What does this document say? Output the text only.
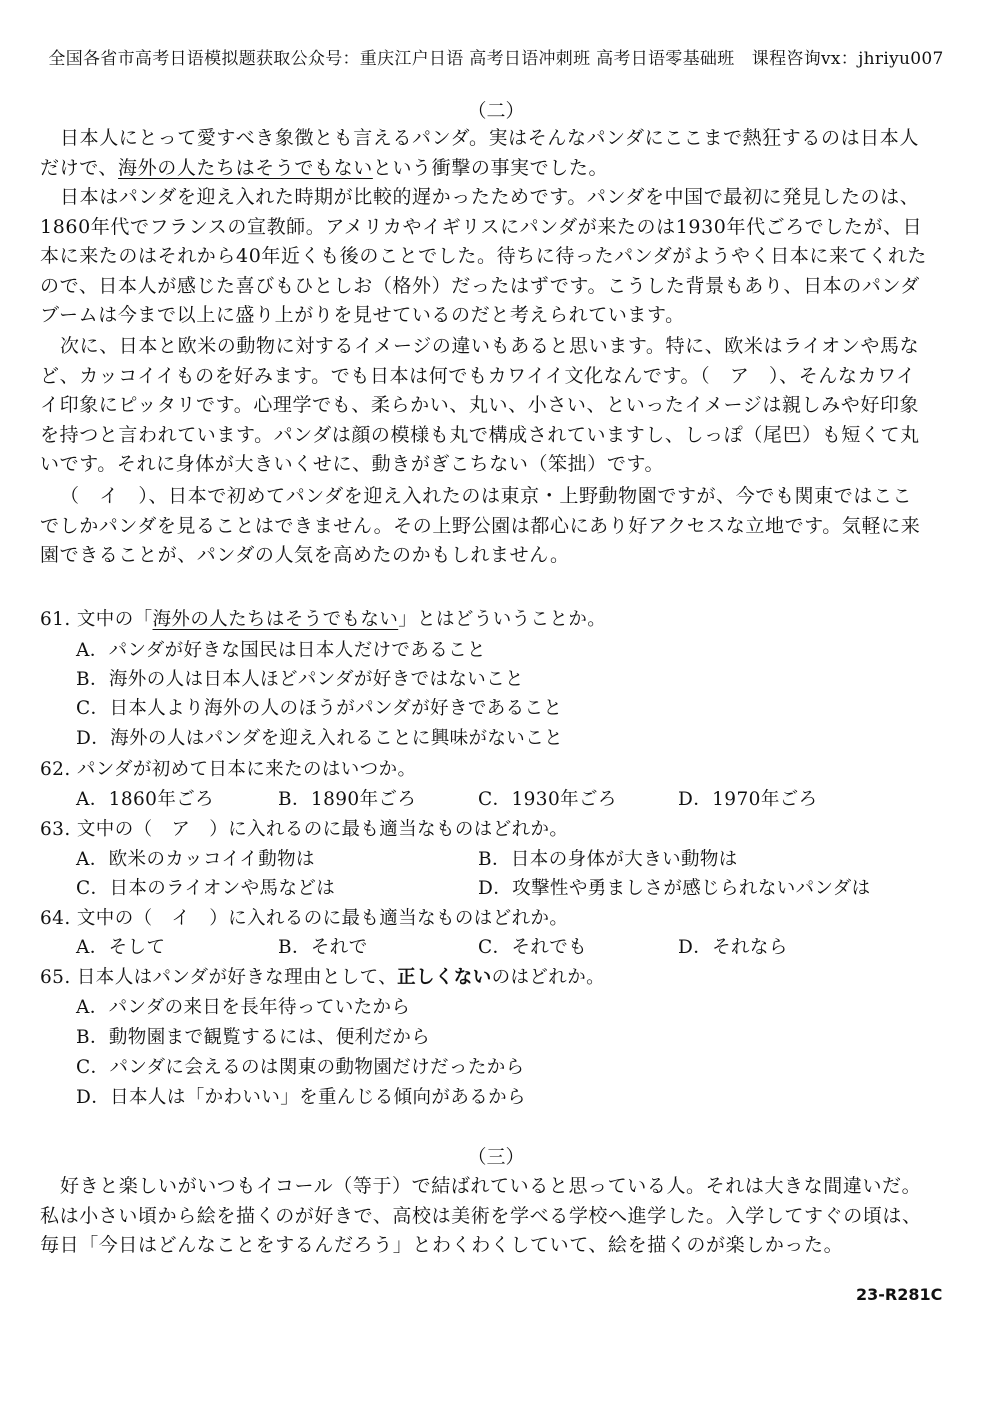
全国各省市高考日语模拟题获取公众号：重庆江户日语 高考日语冲刺班 高考日语零基础班　课程咨询vx：jhriyu007
（二）
日本人にとって愛すべき象徴とも言えるパンダ。実はそんなパンダにここまで熱狂するのは日本人だけで、海外の人たちはそうでもないという衝撃の事実でした。
日本はパンダを迎え入れた時期が比較的遅かったためです。パンダを中国で最初に発見したのは、1860年代でフランスの宣教師。アメリカやイギリスにパンダが来たのは1930年代ごろでしたが、日本に来たのはそれから40年近くも後のことでした。待ちに待ったパンダがようやく日本に来てくれたので、日本人が感じた喜びもひとしお（格外）だったはずです。こうした背景もあり、日本のパンダブームは今まで以上に盛り上がりを見せているのだと考えられています。
次に、日本と欧米の動物に対するイメージの違いもあると思います。特に、欧米はライオンや馬など、カッコイイものを好みます。でも日本は何でもカワイイ文化なんです。（　ア　）、そんなカワイイ印象にピッタリです。心理学でも、柔らかい、丸い、小さい、といったイメージは親しみや好印象を持つと言われています。パンダは顔の模様も丸で構成されていますし、しっぽ（尾巴）も短くて丸いです。それに身体が大きいくせに、動きがぎこちない（笨拙）です。
（　イ　）、日本で初めてパンダを迎え入れたのは東京・上野動物園ですが、今でも関東ではここでしかパンダを見ることはできません。その上野公園は都心にあり好アクセスな立地です。気軽に来園できることが、パンダの人気を高めたのかもしれません。
61. 文中の「海外の人たちはそうでもない」とはどういうことか。
A．パンダが好きな国民は日本人だけであること
B．海外の人は日本人ほどパンダが好きではないこと
C．日本人より海外の人のほうがパンダが好きであること
D．海外の人はパンダを迎え入れることに興味がないこと
62. パンダが初めて日本に来たのはいつか。
A．1860年ごろ	B．1890年ごろ	C．1930年ごろ	D．1970年ごろ
63. 文中の（　ア　）に入れるのに最も適当なものはどれか。
A．欧米のカッコイイ動物は	B．日本の身体が大きい動物は
C．日本のライオンや馬などは	D．攻撃性や勇ましさが感じられないパンダは
64. 文中の（　イ　）に入れるのに最も適当なものはどれか。
A．そして	B．それで	C．それでも	D．それなら
65. 日本人はパンダが好きな理由として、正しくないのはどれか。
A．パンダの来日を長年待っていたから
B．動物園まで観覧するには、便利だから
C．パンダに会えるのは関東の動物園だけだったから
D．日本人は「かわいい」を重んじる傾向があるから
（三）
好きと楽しいがいつもイコール（等于）で結ばれていると思っている人。それは大きな間違いだ。私は小さい頃から絵を描くのが好きで、高校は美術を学べる学校へ進学した。入学してすぐの頃は、毎日「今日はどんなことをするんだろう」とわくわくしていて、絵を描くのが楽しかった。
23-R281C
